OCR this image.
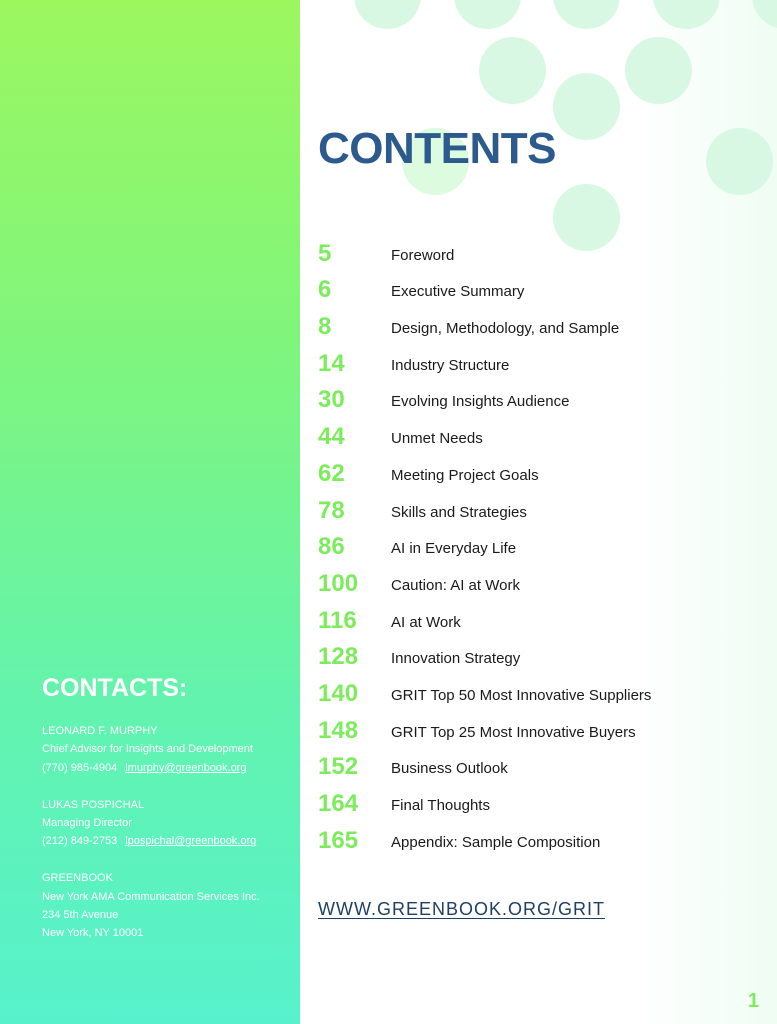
CONTENTS
5	Foreword
6	Executive Summary
8	Design, Methodology, and Sample
14	Industry Structure
30	Evolving Insights Audience
44	Unmet Needs
62	Meeting Project Goals
78	Skills and Strategies
86	AI in Everyday Life
100	Caution: AI at Work
116	AI at Work
128	Innovation Strategy
140	GRIT Top 50 Most Innovative Suppliers
148	GRIT Top 25 Most Innovative Buyers
152	Business Outlook
164	Final Thoughts
165	Appendix: Sample Composition
WWW.GREENBOOK.ORG/GRIT
1
CONTACTS:
LEONARD F. MURPHY
Chief Advisor for Insights and Development
(770) 985-4904 lmurphy@greenbook.org
LUKAS POSPICHAL
Managing Director
(212) 849-2753 lpospichal@greenbook.org
GREENBOOK
New York AMA Communication Services Inc.
234 5th Avenue
New York, NY 10001
